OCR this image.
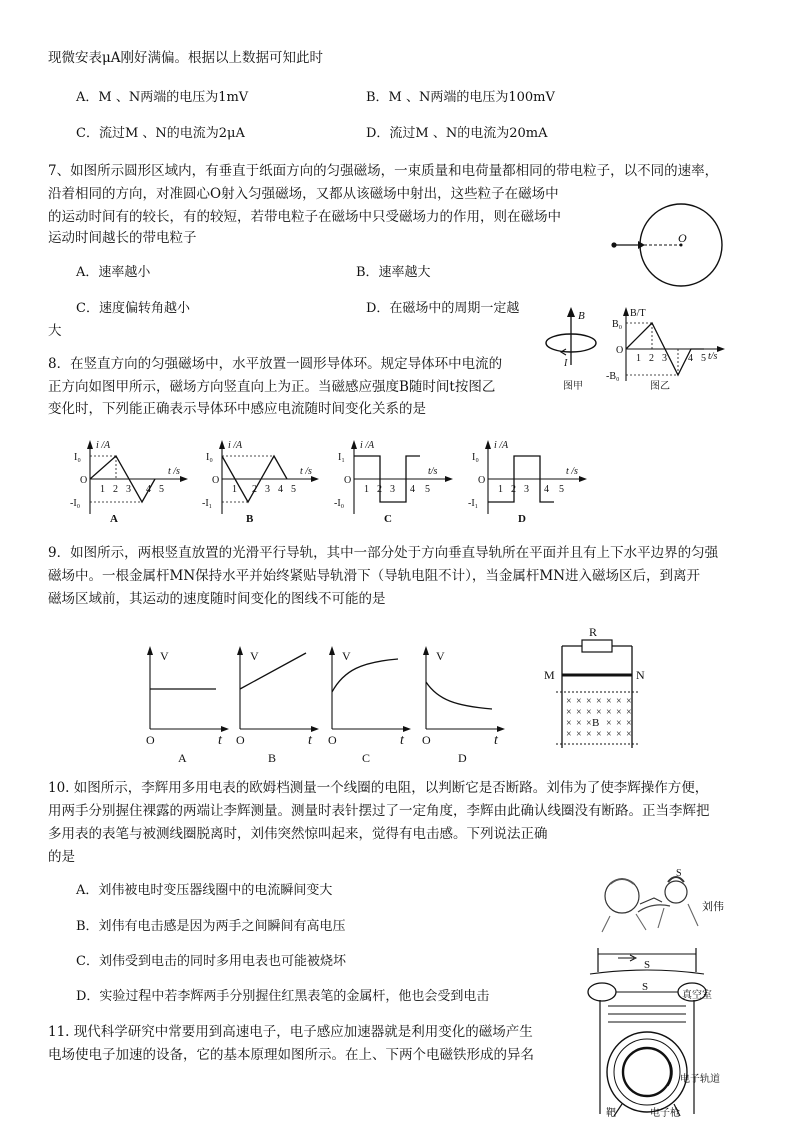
现微安表μA刚好满偏。根据以上数据可知此时
A．M 、N两端的电压为1mV	B．M 、N两端的电压为100mV
C．流过M 、N的电流为2μA	D．流过M 、N的电流为20mA
7、如图所示圆形区域内，有垂直于纸面方向的匀强磁场，一束质量和电荷量都相同的带电粒子，以不同的速率，
沿着相同的方向，对准圆心O射入匀强磁场，又都从该磁场中射出，这些粒子在磁场中
的运动时间有的较长，有的较短，若带电粒子在磁场中只受磁场力的作用，则在磁场中
运动时间越长的带电粒子
A．速率越小	B．速率越大
C．速度偏转角越小	D．在磁场中的周期一定越
大
O
8．在竖直方向的匀强磁场中，水平放置一圆形导体环。规定导体环中电流的
正方向如图甲所示，磁场方向竖直向上为正。当磁感应强度B随时间t按图乙
变化时，下列能正确表示导体环中感应电流随时间变化关系的是
B
I
图甲
B/T
t/s
B₀
-B₀
O
1 2 3 4 5
图乙
i /A
t /s
I₀
-I₀
O
1 2 3 4 5
A
i /A
t /s
I₀
-I₁
O
1 2 3 4 5
B
i /A
t/s
I₁
-I₀
O
1 2 3 4 5
C
i /A
t /s
I₀
-I₁
O
1 2 3 4 5
D
9．如图所示，两根竖直放置的光滑平行导轨，其中一部分处于方向垂直导轨所在平面并且有上下水平边界的匀强
磁场中。一根金属杆MN保持水平并始终紧贴导轨滑下（导轨电阻不计），当金属杆MN进入磁场区后，到离开
磁场区域前，其运动的速度随时间变化的图线不可能的是
V
t
O
A
V
t
O
B
V
t
O
C
V
t
O
D
× × × × × × ×
× × × × × × ×
× × × × × ×
× × × × × × ×
R
M	N
B
10. 如图所示，李辉用多用电表的欧姆档测量一个线圈的电阻，以判断它是否断路。刘伟为了使李辉操作方便，
用两手分别握住裸露的两端让李辉测量。测量时表针摆过了一定角度，李辉由此确认线圈没有断路。正当李辉把
多用表的表笔与被测线圈脱离时，刘伟突然惊叫起来，觉得有电击感。下列说法正确
的是
A．刘伟被电时变压器线圈中的电流瞬间变大
B．刘伟有电击感是因为两手之间瞬间有高电压
C．刘伟受到电击的同时多用电表也可能被烧坏
D．实验过程中若李辉两手分别握住红黑表笔的金属杆，他也会受到电击
11. 现代科学研究中常要用到高速电子，电子感应加速器就是利用变化的磁场产生
电场使电子加速的设备，它的基本原理如图所示。在上、下两个电磁铁形成的异名
S
刘伟
S
S
真空室
电子轨道
靶	电子枪
